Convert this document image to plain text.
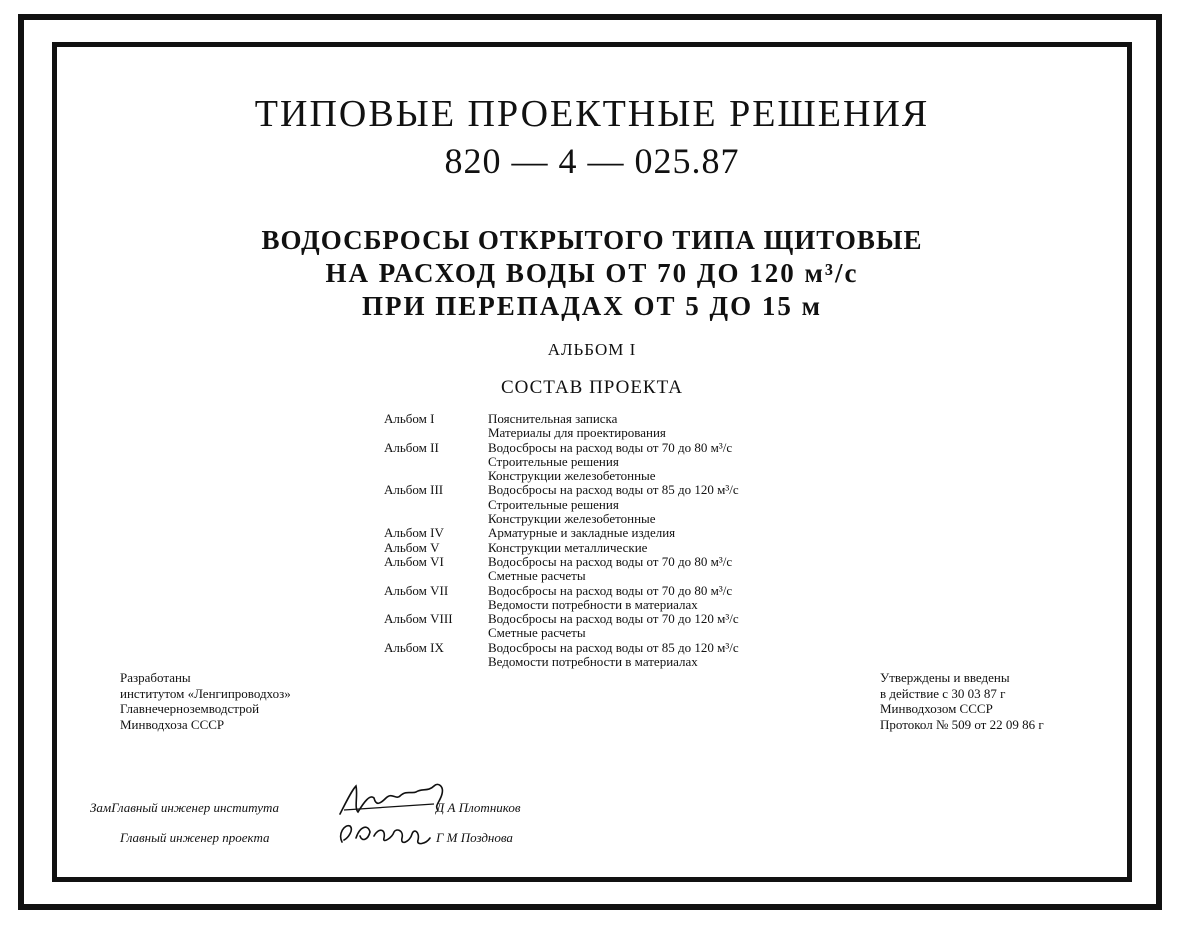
ТИПОВЫЕ ПРОЕКТНЫЕ РЕШЕНИЯ
820 — 4 — 025.87
ВОДОСБРОСЫ ОТКРЫТОГО ТИПА ЩИТОВЫЕ
НА РАСХОД ВОДЫ ОТ 70 ДО 120 м³/с
ПРИ ПЕРЕПАДАХ ОТ 5 ДО 15 м
АЛЬБОМ I
СОСТАВ ПРОЕКТА
Альбом I	Пояснительная записка
Материалы для проектирования
Альбом II	Водосбросы на расход воды от 70 до 80 м³/с
Строительные решения
Конструкции железобетонные
Альбом III	Водосбросы на расход воды от 85 до 120 м³/с
Строительные решения
Конструкции железобетонные
Альбом IV	Арматурные и закладные изделия
Альбом V	Конструкции металлические
Альбом VI	Водосбросы на расход воды от 70 до 80 м³/с
Сметные расчеты
Альбом VII	Водосбросы на расход воды от 70 до 80 м³/с
Ведомости потребности в материалах
Альбом VIII	Водосбросы на расход воды от 70 до 120 м³/с
Сметные расчеты
Альбом IX	Водосбросы на расход воды от 85 до 120 м³/с
Ведомости потребности в материалах
Разработаны
институтом «Ленгипроводхоз»
Главнечерноземводстрой
Минводхоза СССР
Утверждены и введены
в действие с 30 03 87 г
Минводхозом СССР
Протокол № 509 от 22 09 86 г
ЗамГлавный инженер института	Д А Плотников
Главный инженер проекта	Г М Позднова
